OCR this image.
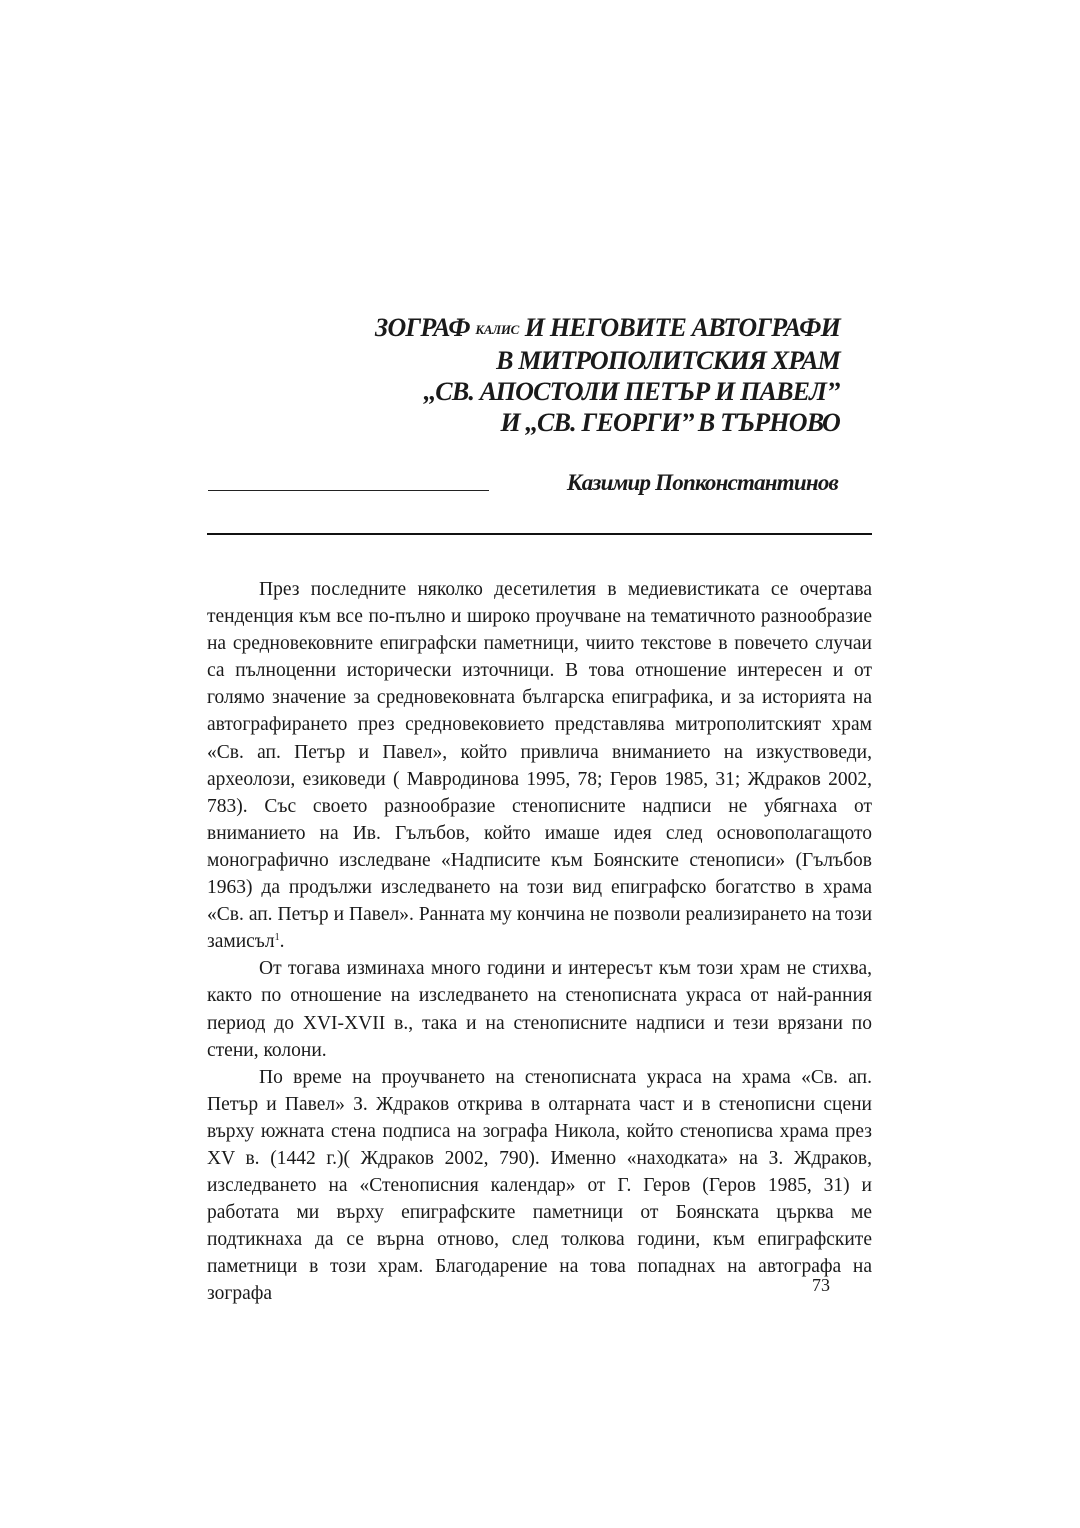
ЗОГРАФ КАЛИС И НЕГОВИТЕ АВТОГРАФИ
В МИТРОПОЛИТСКИЯ ХРАМ
,,СВ. АПОСТОЛИ ПЕТЪР И ПАВЕЛ’’
И ,,СВ. ГЕОРГИ’’ В ТЪРНОВО
Казимир Попконстантинов

През последните няколко десетилетия в медиевистиката се очертава тенденция към все по-пълно и широко проучване на тематичното разнообразие на средновековните епиграфски паметници, чиито текстове в повечето случаи са пълноценни исторически източници. В това отношение интересен и от голямо значение за средновековната българска епиграфика, и за историята на автографирането през средновековието представлява митрополитският храм «Св. ап. Петър и Павел», който привлича вниманието на изкуствоведи, археолози, езиковеди ( Мавродинова 1995, 78; Геров 1985, 31; Ждраков 2002, 783). Със своето разнообразие стенописните надписи не убягнаха от вниманието на Ив. Гълъбов, който имаше идея след основополагащото монографично изследване «Надписите към Боянските стенописи» (Гълъбов 1963) да продължи изследването на този вид епиграфско богатство в храма «Св. ап. Петър и Павел». Ранната му кончина не позволи реализирането на този замисъл$^1$.

От тогава изминаха много години и интересът към този храм не стихва, както по отношение на изследването на стенописната украса от най-ранния период до XVI-XVII в., така и на стенописните надписи и тези врязани по стени, колони.

По време на проучването на стенописната украса на храма «Св. ап. Петър и Павел» З. Ждраков открива в олтарната част и в стенописни сцени върху южната стена подписа на зографа Никола, който стенописва храма през XV в. (1442 г.)( Ждраков 2002, 790). Именно «находката» на З. Ждраков, изследването на «Стенописния календар» от Г. Геров (Геров 1985, 31) и работата ми върху епиграфските паметници от Боянската църква ме подтикнаха да се върна отново, след толкова години, към епиграфските паметници в този храм. Благодарение на това попаднах на автографа на зографа	73
